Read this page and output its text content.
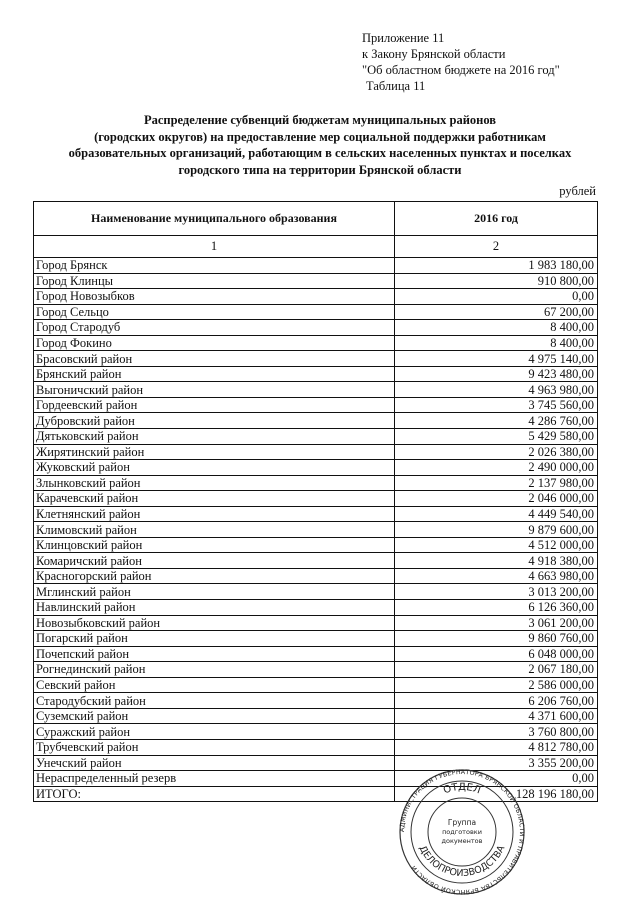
Приложение 11
к Закону Брянской области
"Об областном бюджете на 2016 год"
Таблица 11
Распределение субвенций бюджетам муниципальных районов
(городских округов) на предоставление мер социальной поддержки работникам
образовательных организаций, работающим в сельских населенных пунктах и поселках
городского типа на территории Брянской области
рублей
Наименование муниципального образования	2016 год
1	2
Город Брянск	1 983 180,00
Город Клинцы	910 800,00
Город Новозыбков	0,00
Город Сельцо	67 200,00
Город Стародуб	8 400,00
Город Фокино	8 400,00
Брасовский район	4 975 140,00
Брянский район	9 423 480,00
Выгоничский район	4 963 980,00
Гордеевский район	3 745 560,00
Дубровский район	4 286 760,00
Дятьковский район	5 429 580,00
Жирятинский район	2 026 380,00
Жуковский район	2 490 000,00
Злынковский район	2 137 980,00
Карачевский район	2 046 000,00
Клетнянский район	4 449 540,00
Климовский район	9 879 600,00
Клинцовский район	4 512 000,00
Комаричский район	4 918 380,00
Красногорский район	4 663 980,00
Мглинский район	3 013 200,00
Навлинский район	6 126 360,00
Новозыбковский район	3 061 200,00
Погарский район	9 860 760,00
Почепский район	6 048 000,00
Рогнединский район	2 067 180,00
Севский район	2 586 000,00
Стародубский район	6 206 760,00
Суземский район	4 371 600,00
Суражский район	3 760 800,00
Трубчевский район	4 812 780,00
Унечский район	3 355 200,00
Нераспределенный резерв	0,00
ИТОГО:	128 196 180,00
АДМИНИСТРАЦИЯ ГУБЕРНАТОРА БРЯНСКОЙ ОБЛАСТИ И ПРАВИТЕЛЬСТВА БРЯНСКОЙ ОБЛАСТИ
ОТДЕЛ
ДЕЛОПРОИЗВОДСТВА
Группа
подготовки
документов
